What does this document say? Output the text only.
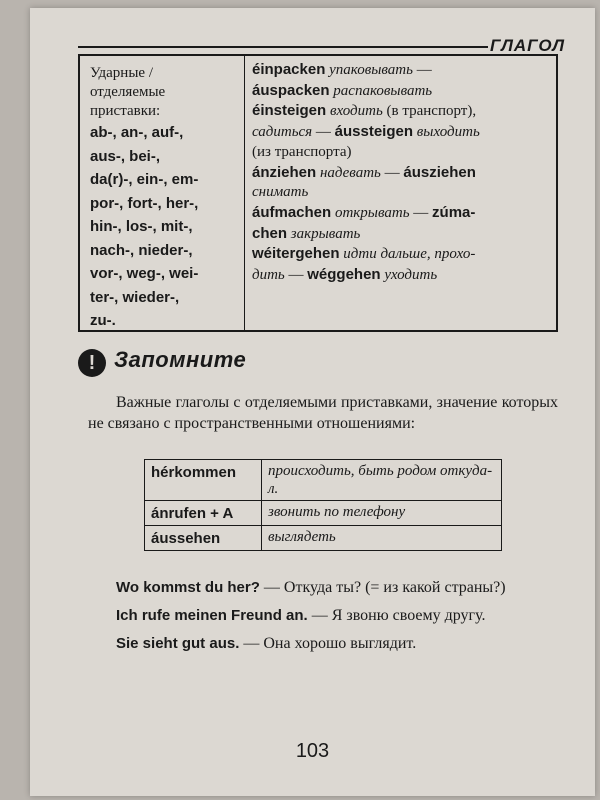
ГЛАГОЛ
Ударные /
отделяемые
приставки:
ab-, an-, auf-,
aus-, bei-,
da(r)-, ein-, em-
por-, fort-, her-,
hin-, los-, mit-,
nach-, nieder-,
vor-, weg-, wei-
ter-, wieder-,
zu-.
éinpacken упаковывать —
áuspacken распаковывать
éinsteigen входить (в транспорт),
садиться — áussteigen выходить
(из транспорта)
ánziehen надевать — áusziehen
снимать
áufmachen открывать — zúma-
chen закрывать
wéitergehen идти дальше, прохо-
дить — wéggehen уходить
! Запомните
Важные глаголы с отделяемыми приставками, значение которых не связано с пространственными отношениями:
hérkommen	происходить, быть родом откуда-л.
ánrufen + A	звонить по телефону
áussehen	выглядеть

Wo kommst du her? — Откуда ты? (= из какой страны?)

Ich rufe meinen Freund an. — Я звоню своему другу.

Sie sieht gut aus. — Она хорошо выглядит.

103
